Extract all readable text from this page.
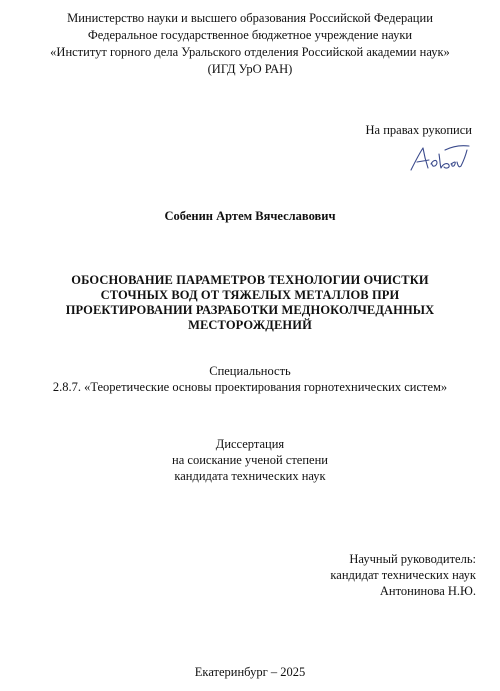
Министерство науки и высшего образования Российской Федерации
Федеральное государственное бюджетное учреждение науки
«Институт горного дела Уральского отделения Российской академии наук»
(ИГД УрО РАН)
На правах рукописи
Собенин Артем Вячеславович
ОБОСНОВАНИЕ ПАРАМЕТРОВ ТЕХНОЛОГИИ ОЧИСТКИ
СТОЧНЫХ ВОД ОТ ТЯЖЕЛЫХ МЕТАЛЛОВ ПРИ
ПРОЕКТИРОВАНИИ РАЗРАБОТКИ МЕДНОКОЛЧЕДАННЫХ
МЕСТОРОЖДЕНИЙ
Специальность
2.8.7. «Теоретические основы проектирования горнотехнических систем»
Диссертация
на соискание ученой степени
кандидата технических наук
Научный руководитель:
кандидат технических наук
Антонинова Н.Ю.
Екатеринбург – 2025
